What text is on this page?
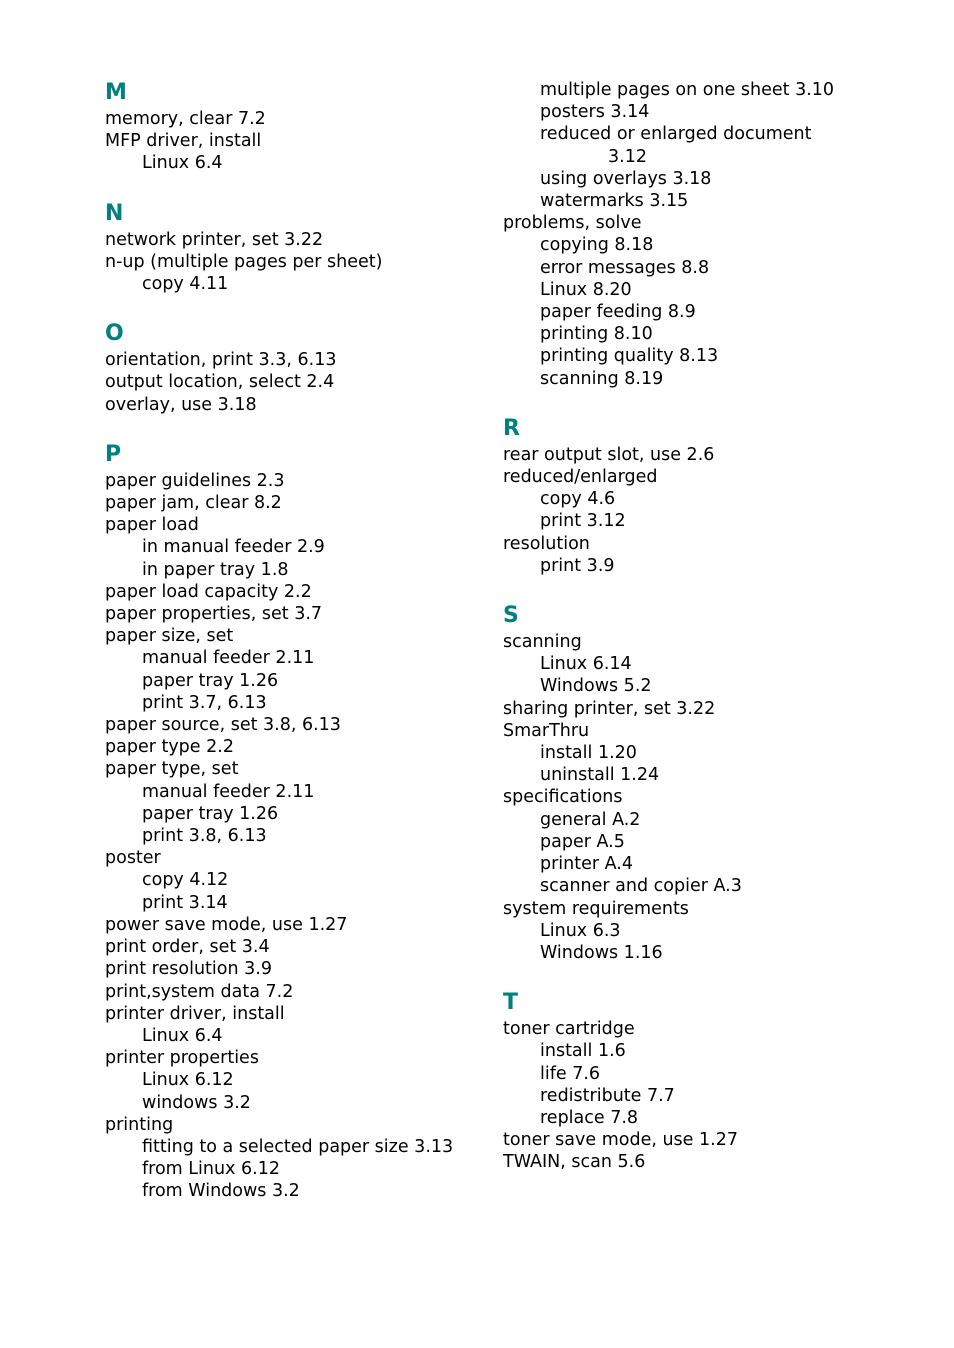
M
memory, clear 7.2
MFP driver, install
Linux 6.4
N
network printer, set 3.22
n-up (multiple pages per sheet)
copy 4.11
O
orientation, print 3.3, 6.13
output location, select 2.4
overlay, use 3.18
P
paper guidelines 2.3
paper jam, clear 8.2
paper load
in manual feeder 2.9
in paper tray 1.8
paper load capacity 2.2
paper properties, set 3.7
paper size, set
manual feeder 2.11
paper tray 1.26
print 3.7, 6.13
paper source, set 3.8, 6.13
paper type 2.2
paper type, set
manual feeder 2.11
paper tray 1.26
print 3.8, 6.13
poster
copy 4.12
print 3.14
power save mode, use 1.27
print order, set 3.4
print resolution 3.9
print,system data 7.2
printer driver, install
Linux 6.4
printer properties
Linux 6.12
windows 3.2
printing
fitting to a selected paper size 3.13
from Linux 6.12
from Windows 3.2
multiple pages on one sheet 3.10
posters 3.14
reduced or enlarged document
3.12
using overlays 3.18
watermarks 3.15
problems, solve
copying 8.18
error messages 8.8
Linux 8.20
paper feeding 8.9
printing 8.10
printing quality 8.13
scanning 8.19
R
rear output slot, use 2.6
reduced/enlarged
copy 4.6
print 3.12
resolution
print 3.9
S
scanning
Linux 6.14
Windows 5.2
sharing printer, set 3.22
SmarThru
install 1.20
uninstall 1.24
specifications
general A.2
paper A.5
printer A.4
scanner and copier A.3
system requirements
Linux 6.3
Windows 1.16
T
toner cartridge
install 1.6
life 7.6
redistribute 7.7
replace 7.8
toner save mode, use 1.27
TWAIN, scan 5.6
